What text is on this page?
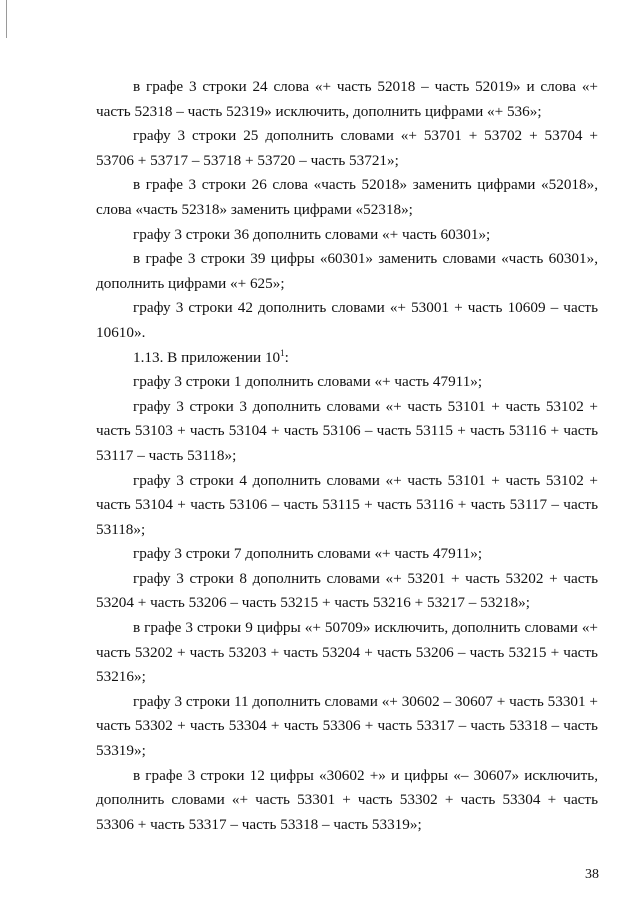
в графе 3 строки 24 слова «+ часть 52018 – часть 52019» и слова «+ часть 52318 – часть 52319» исключить, дополнить цифрами «+ 536»;

графу 3 строки 25 дополнить словами «+ 53701 + 53702 + 53704 + 53706 + 53717 – 53718 + 53720 – часть 53721»;

в графе 3 строки 26 слова «часть 52018» заменить цифрами «52018», слова «часть 52318» заменить цифрами «52318»;

графу 3 строки 36 дополнить словами «+ часть 60301»;

в графе 3 строки 39 цифры «60301» заменить словами «часть 60301», дополнить цифрами «+ 625»;

графу 3 строки 42 дополнить словами «+ 53001 + часть 10609 – часть 10610».

1.13. В приложении $10^1$:

графу 3 строки 1 дополнить словами «+ часть 47911»;

графу 3 строки 3 дополнить словами «+ часть 53101 + часть 53102 + часть 53103 + часть 53104 + часть 53106 – часть 53115 + часть 53116 + часть 53117 – часть 53118»;

графу 3 строки 4 дополнить словами «+ часть 53101 + часть 53102 + часть 53104 + часть 53106 – часть 53115 + часть 53116 + часть 53117 – часть 53118»;

графу 3 строки 7 дополнить словами «+ часть 47911»;

графу 3 строки 8 дополнить словами «+ 53201 + часть 53202 + часть 53204 + часть 53206 – часть 53215 + часть 53216 + 53217 – 53218»;

в графе 3 строки 9 цифры «+ 50709» исключить, дополнить словами «+ часть 53202 + часть 53203 + часть 53204 + часть 53206 – часть 53215 + часть 53216»;

графу 3 строки 11 дополнить словами «+ 30602 – 30607 + часть 53301 + часть 53302 + часть 53304 + часть 53306 + часть 53317 – часть 53318 – часть 53319»;

в графе 3 строки 12 цифры «30602 +» и цифры «– 30607» исключить, дополнить словами «+ часть 53301 + часть 53302 + часть 53304 + часть 53306 + часть 53317 – часть 53318 – часть 53319»;

38
